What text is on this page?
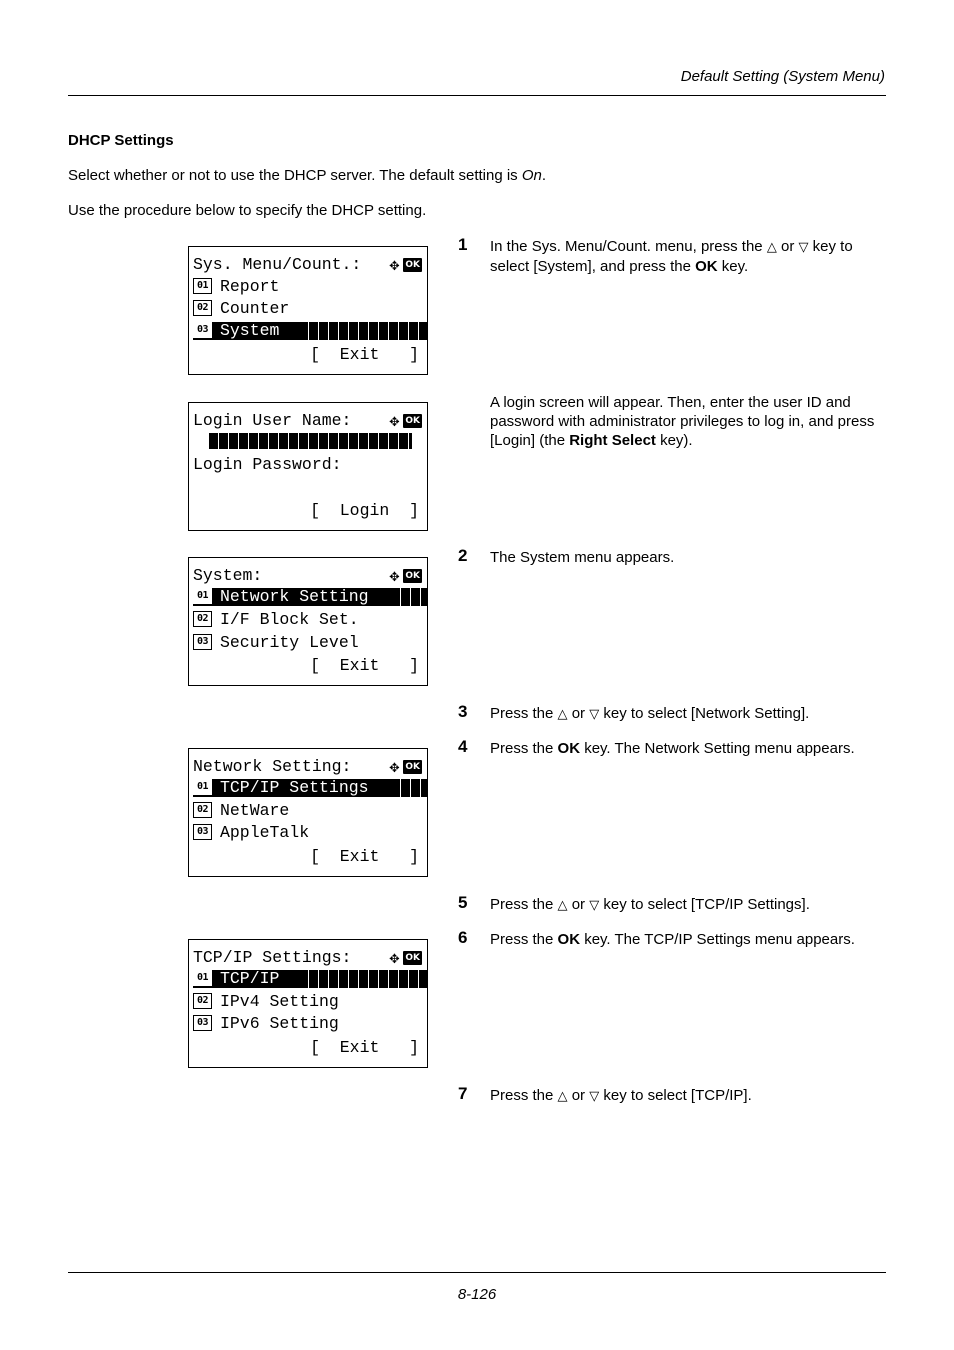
Default Setting (System Menu)
DHCP Settings
Select whether or not to use the DHCP server. The default setting is On.
Use the procedure below to specify the DHCP setting.
Sys. Menu/Count.: ✥ OK
01 Report
02 Counter
03 System
[  Exit   ]
Login User Name: ✥ OK
Login Password:
[  Login  ]
System:	✥ OK
01 Network Setting
02 I/F Block Set.
03 Security Level
[  Exit   ]
Network Setting: ✥ OK
01 TCP/IP Settings
02 NetWare
03 AppleTalk
[  Exit   ]
TCP/IP Settings: ✥ OK
01 TCP/IP
02 IPv4 Setting
03 IPv6 Setting
[  Exit   ]
1 In the Sys. Menu/Count. menu, press the △ or ▽ key to select [System], and press the OK key.
A login screen will appear. Then, enter the user ID and password with administrator privileges to log in, and press [Login] (the Right Select key).
2 The System menu appears.
3 Press the △ or ▽ key to select [Network Setting].
4 Press the OK key. The Network Setting menu appears.
5 Press the △ or ▽ key to select [TCP/IP Settings].
6 Press the OK key. The TCP/IP Settings menu appears.
7 Press the △ or ▽ key to select [TCP/IP].
8-126
